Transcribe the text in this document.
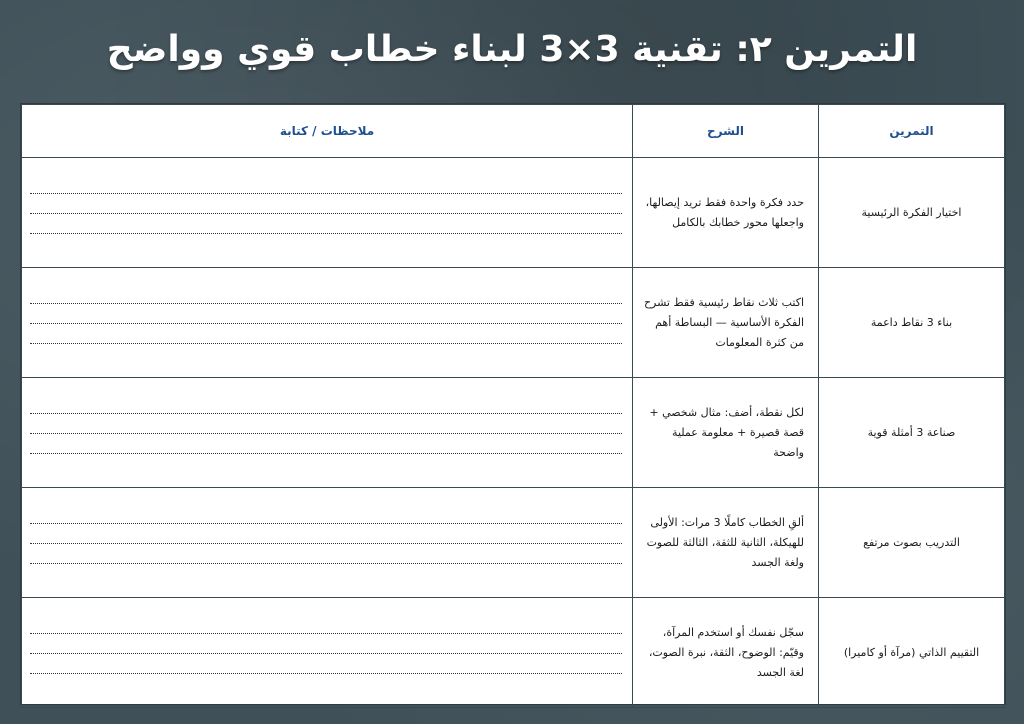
التمرين ٢: تقنية 3×3 لبناء خطاب قوي وواضح
التمرين	الشرح	ملاحظات / كتابة
اختيار الفكرة الرئيسية	حدد فكرة واحدة فقط تريد إيصالها، واجعلها محور خطابك بالكامل	

بناء 3 نقاط داعمة	اكتب ثلاث نقاط رئيسية فقط تشرح الفكرة الأساسية — البساطة أهم من كثرة المعلومات	

صناعة 3 أمثلة قوية	لكل نقطة، أضف: مثال شخصي + قصة قصيرة + معلومة عملية واضحة	

التدريب بصوت مرتفع	ألقِ الخطاب كاملًا 3 مرات: الأولى للهيكلة، الثانية للثقة، الثالثة للصوت ولغة الجسد	

التقييم الذاتي (مرآة أو كاميرا)	سجّل نفسك أو استخدم المرآة، وقيّم: الوضوح، الثقة، نبرة الصوت، لغة الجسد	
